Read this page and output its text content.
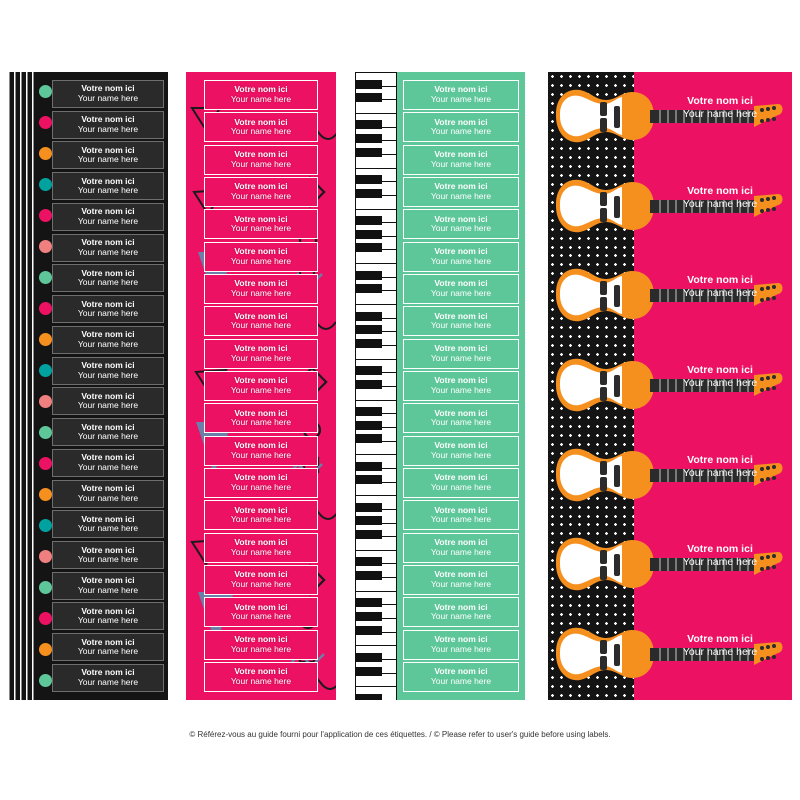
Votre nom ici
Your name here
Votre nom ici
Your name here
Votre nom ici
Your name here
Votre nom ici
Your name here
Votre nom ici
Your name here
Votre nom ici
Your name here
Votre nom ici
Your name here
Votre nom ici
Your name here
Votre nom ici
Your name here
Votre nom ici
Your name here
Votre nom ici
Your name here
Votre nom ici
Your name here
Votre nom ici
Your name here
Votre nom ici
Your name here
Votre nom ici
Your name here
Votre nom ici
Your name here
Votre nom ici
Your name here
Votre nom ici
Your name here
Votre nom ici
Your name here
Votre nom ici
Your name here
Votre nom ici
Your name here
Votre nom ici
Your name here
Votre nom ici
Your name here
Votre nom ici
Your name here
Votre nom ici
Your name here
Votre nom ici
Your name here
Votre nom ici
Your name here
Votre nom ici
Your name here
Votre nom ici
Your name here
Votre nom ici
Your name here
Votre nom ici
Your name here
Votre nom ici
Your name here
Votre nom ici
Your name here
Votre nom ici
Your name here
Votre nom ici
Your name here
Votre nom ici
Your name here
Votre nom ici
Your name here
Votre nom ici
Your name here
Votre nom ici
Your name here
Votre nom ici
Your name here
Votre nom ici
Your name here
Votre nom ici
Your name here
Votre nom ici
Your name here
Votre nom ici
Your name here
Votre nom ici
Your name here
Votre nom ici
Your name here
Votre nom ici
Your name here
Votre nom ici
Your name here
Votre nom ici
Your name here
Votre nom ici
Your name here
Votre nom ici
Your name here
Votre nom ici
Your name here
Votre nom ici
Your name here
Votre nom ici
Your name here
Votre nom ici
Your name here
Votre nom ici
Your name here
Votre nom ici
Your name here
Votre nom ici
Your name here
Votre nom ici
Your name here
Votre nom ici
Your name here
Votre nom ici
Your name here
Votre nom ici
Your name here
Votre nom ici
Your name here
Votre nom ici
Your name here
Votre nom ici
Your name here
© Référez-vous au guide fourni pour l'application de ces étiquettes. / © Please refer to user's guide before using labels.
